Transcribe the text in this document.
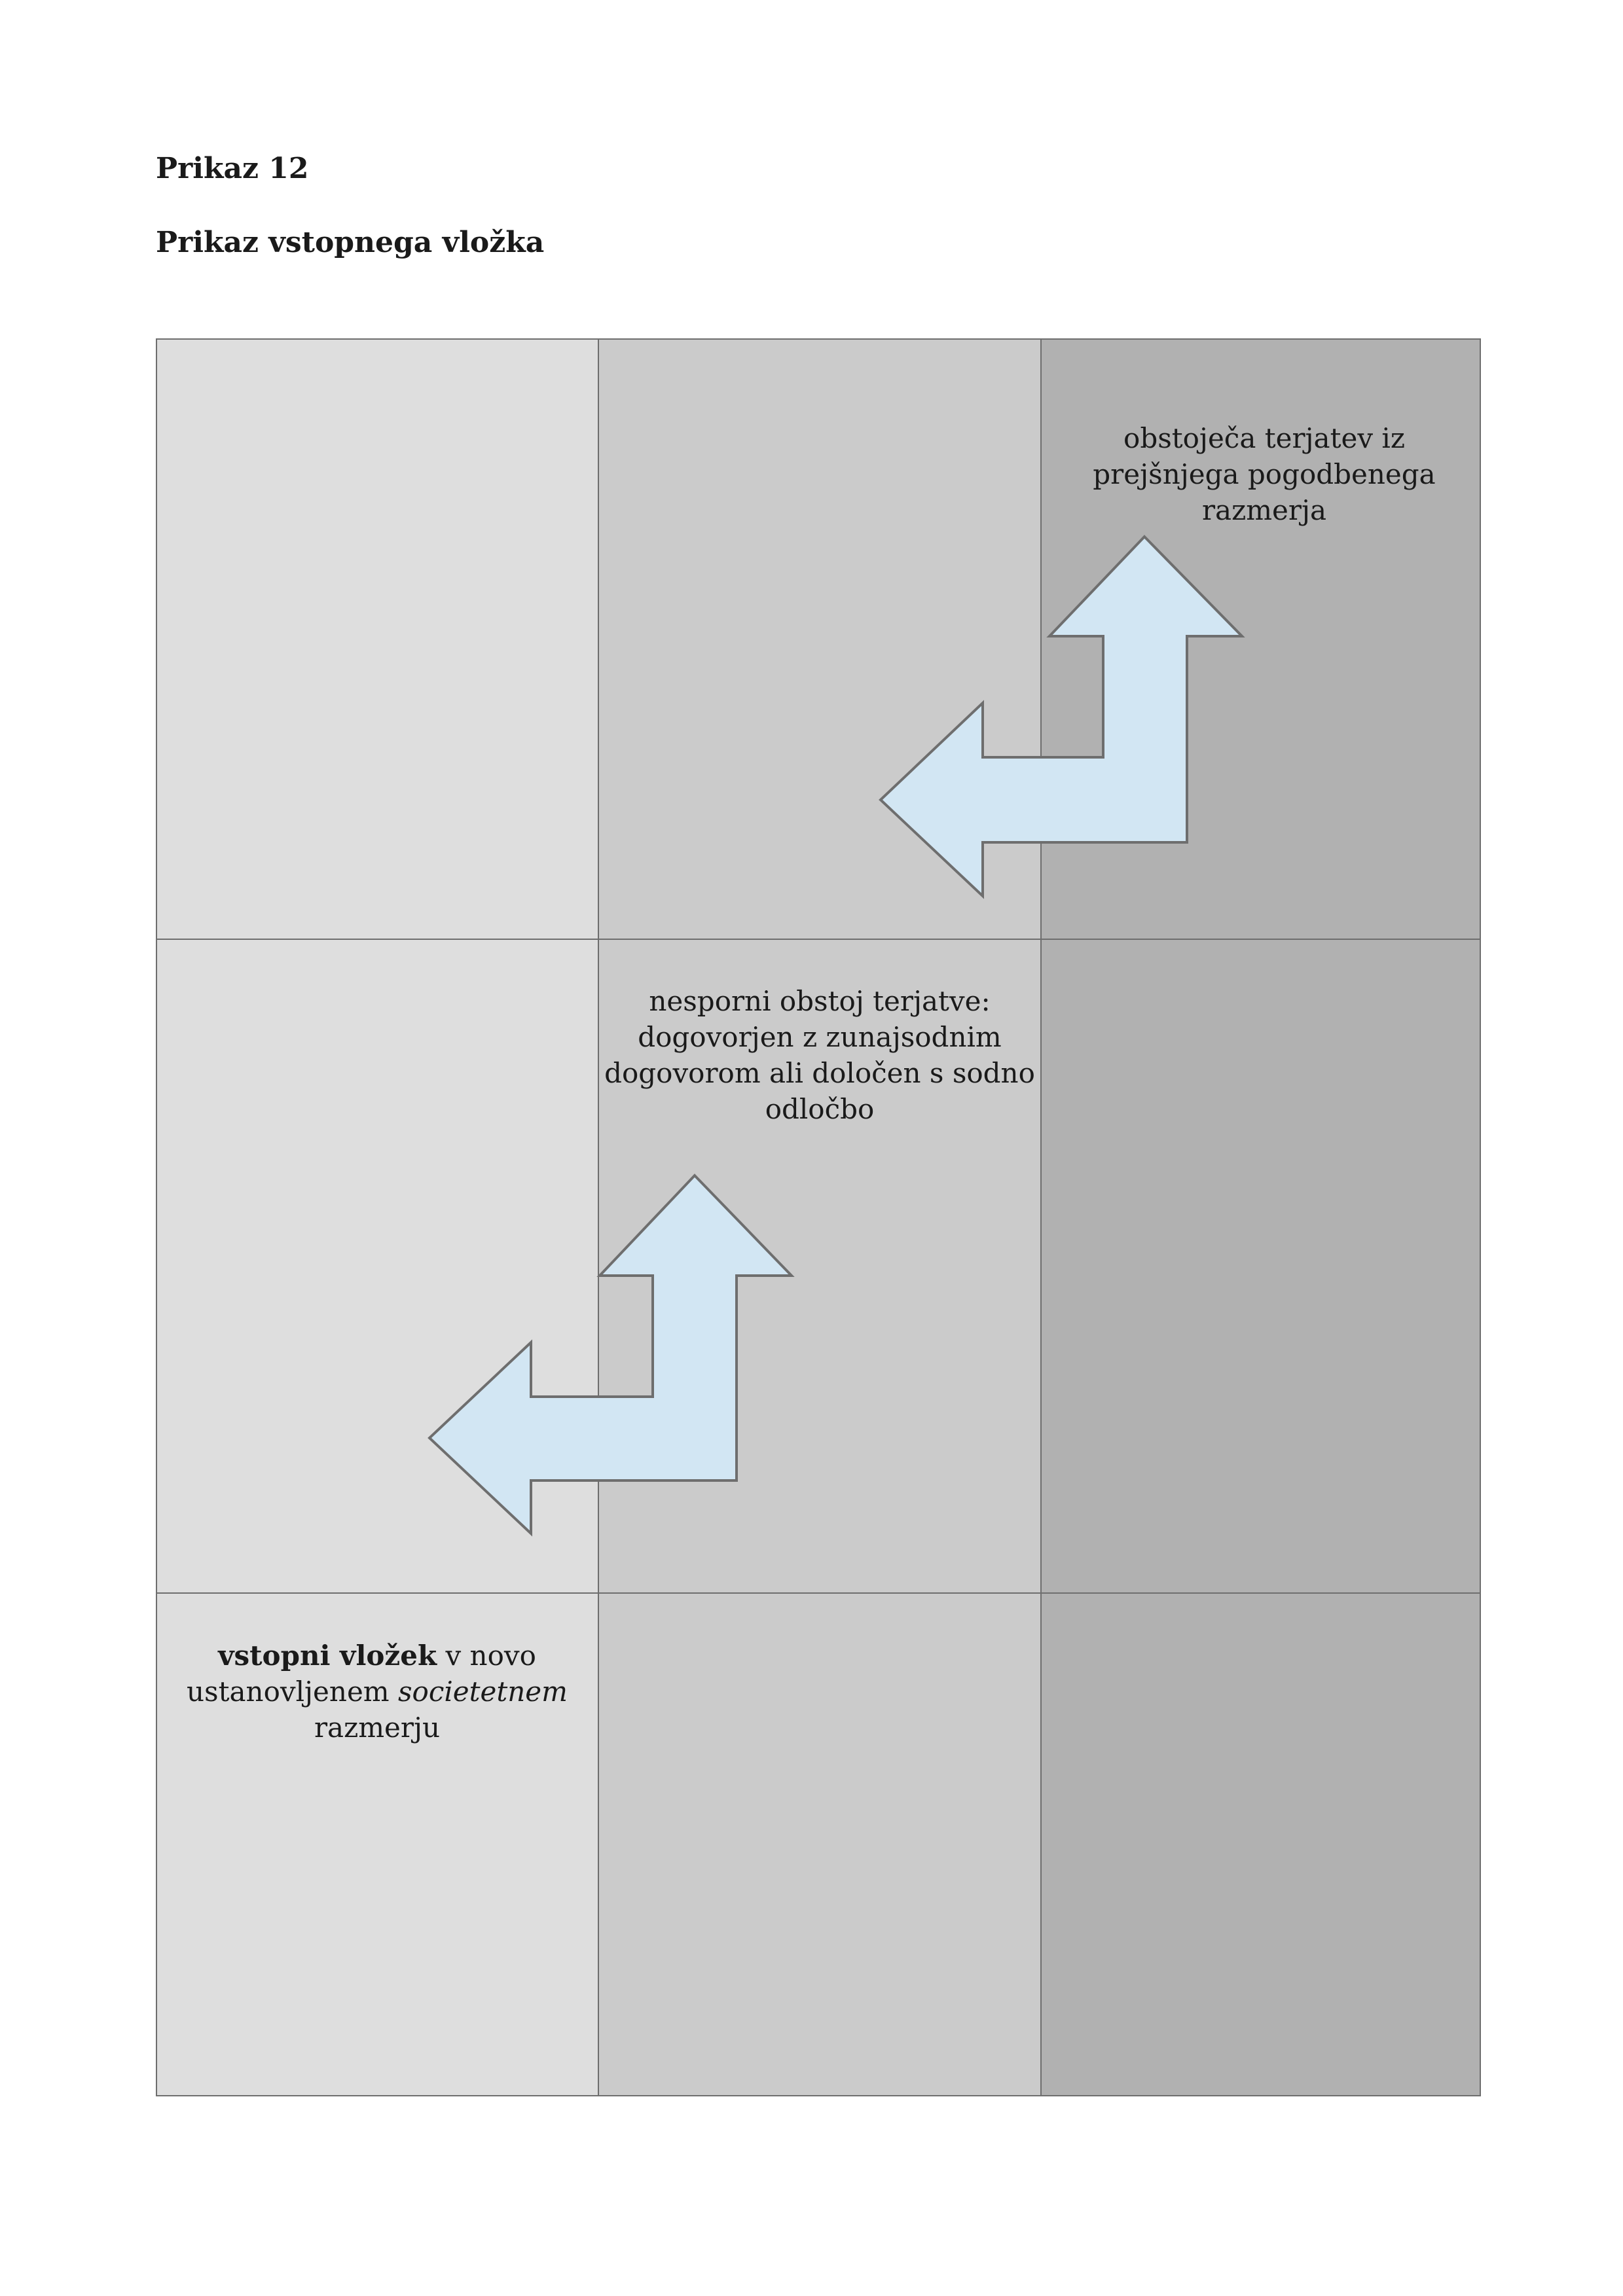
Prikaz 12
Prikaz vstopnega vložka
obstoječa terjatev iz prejšnjega pogodbenega razmerja
nesporni obstoj terjatve: dogovorjen z zunajsodnim dogovorom ali določen s sodno odločbo
vstopni vložek v novo ustanovljenem societetnem razmerju
